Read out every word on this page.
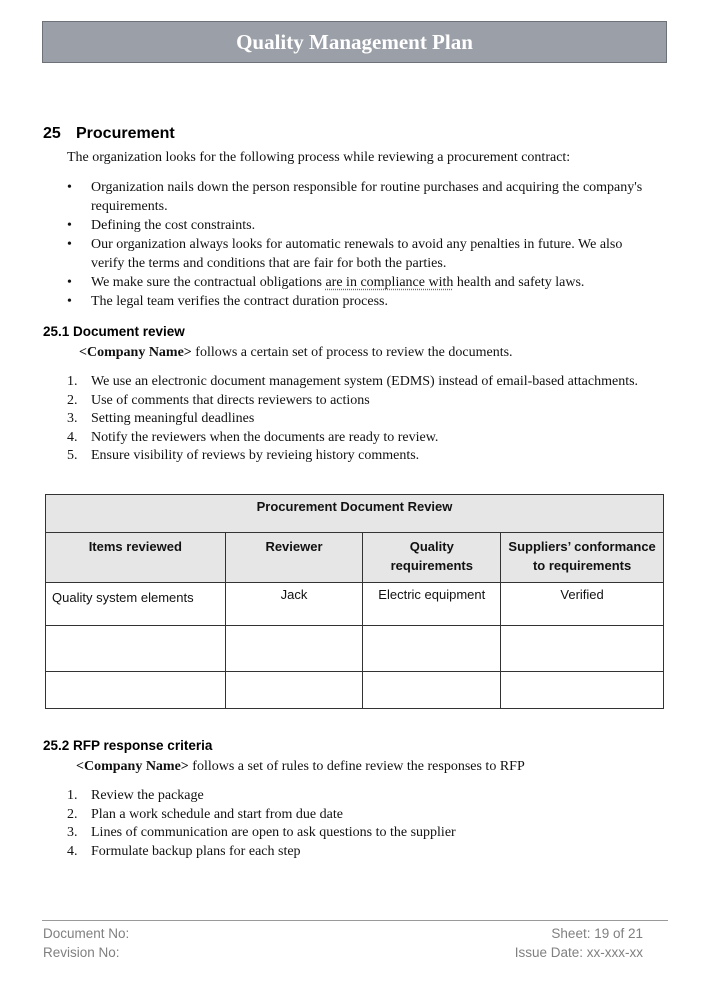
Quality Management Plan
25 Procurement
The organization looks for the following process while reviewing a procurement contract:
• Organization nails down the person responsible for routine purchases and acquiring the company's requirements.
• Defining the cost constraints.
• Our organization always looks for automatic renewals to avoid any penalties in future. We also verify the terms and conditions that are fair for both the parties.
• We make sure the contractual obligations are in compliance with health and safety laws.
• The legal team verifies the contract duration process.
25.1 Document review
<Company Name> follows a certain set of process to review the documents.
1. We use an electronic document management system (EDMS) instead of email-based attachments.
2. Use of comments that directs reviewers to actions
3. Setting meaningful deadlines
4. Notify the reviewers when the documents are ready to review.
5. Ensure visibility of reviews by revieing history comments.
Procurement Document Review			
Items reviewed	Reviewer	Quality requirements	Suppliers’ conformance to requirements
Quality system elements	Jack	Electric equipment	Verified

25.2 RFP response criteria
<Company Name> follows a set of rules to define review the responses to RFP
1. Review the package
2. Plan a work schedule and start from due date
3. Lines of communication are open to ask questions to the supplier
4. Formulate backup plans for each step
Document No:
Revision No:
Sheet: 19 of 21
Issue Date: xx-xxx-xx
